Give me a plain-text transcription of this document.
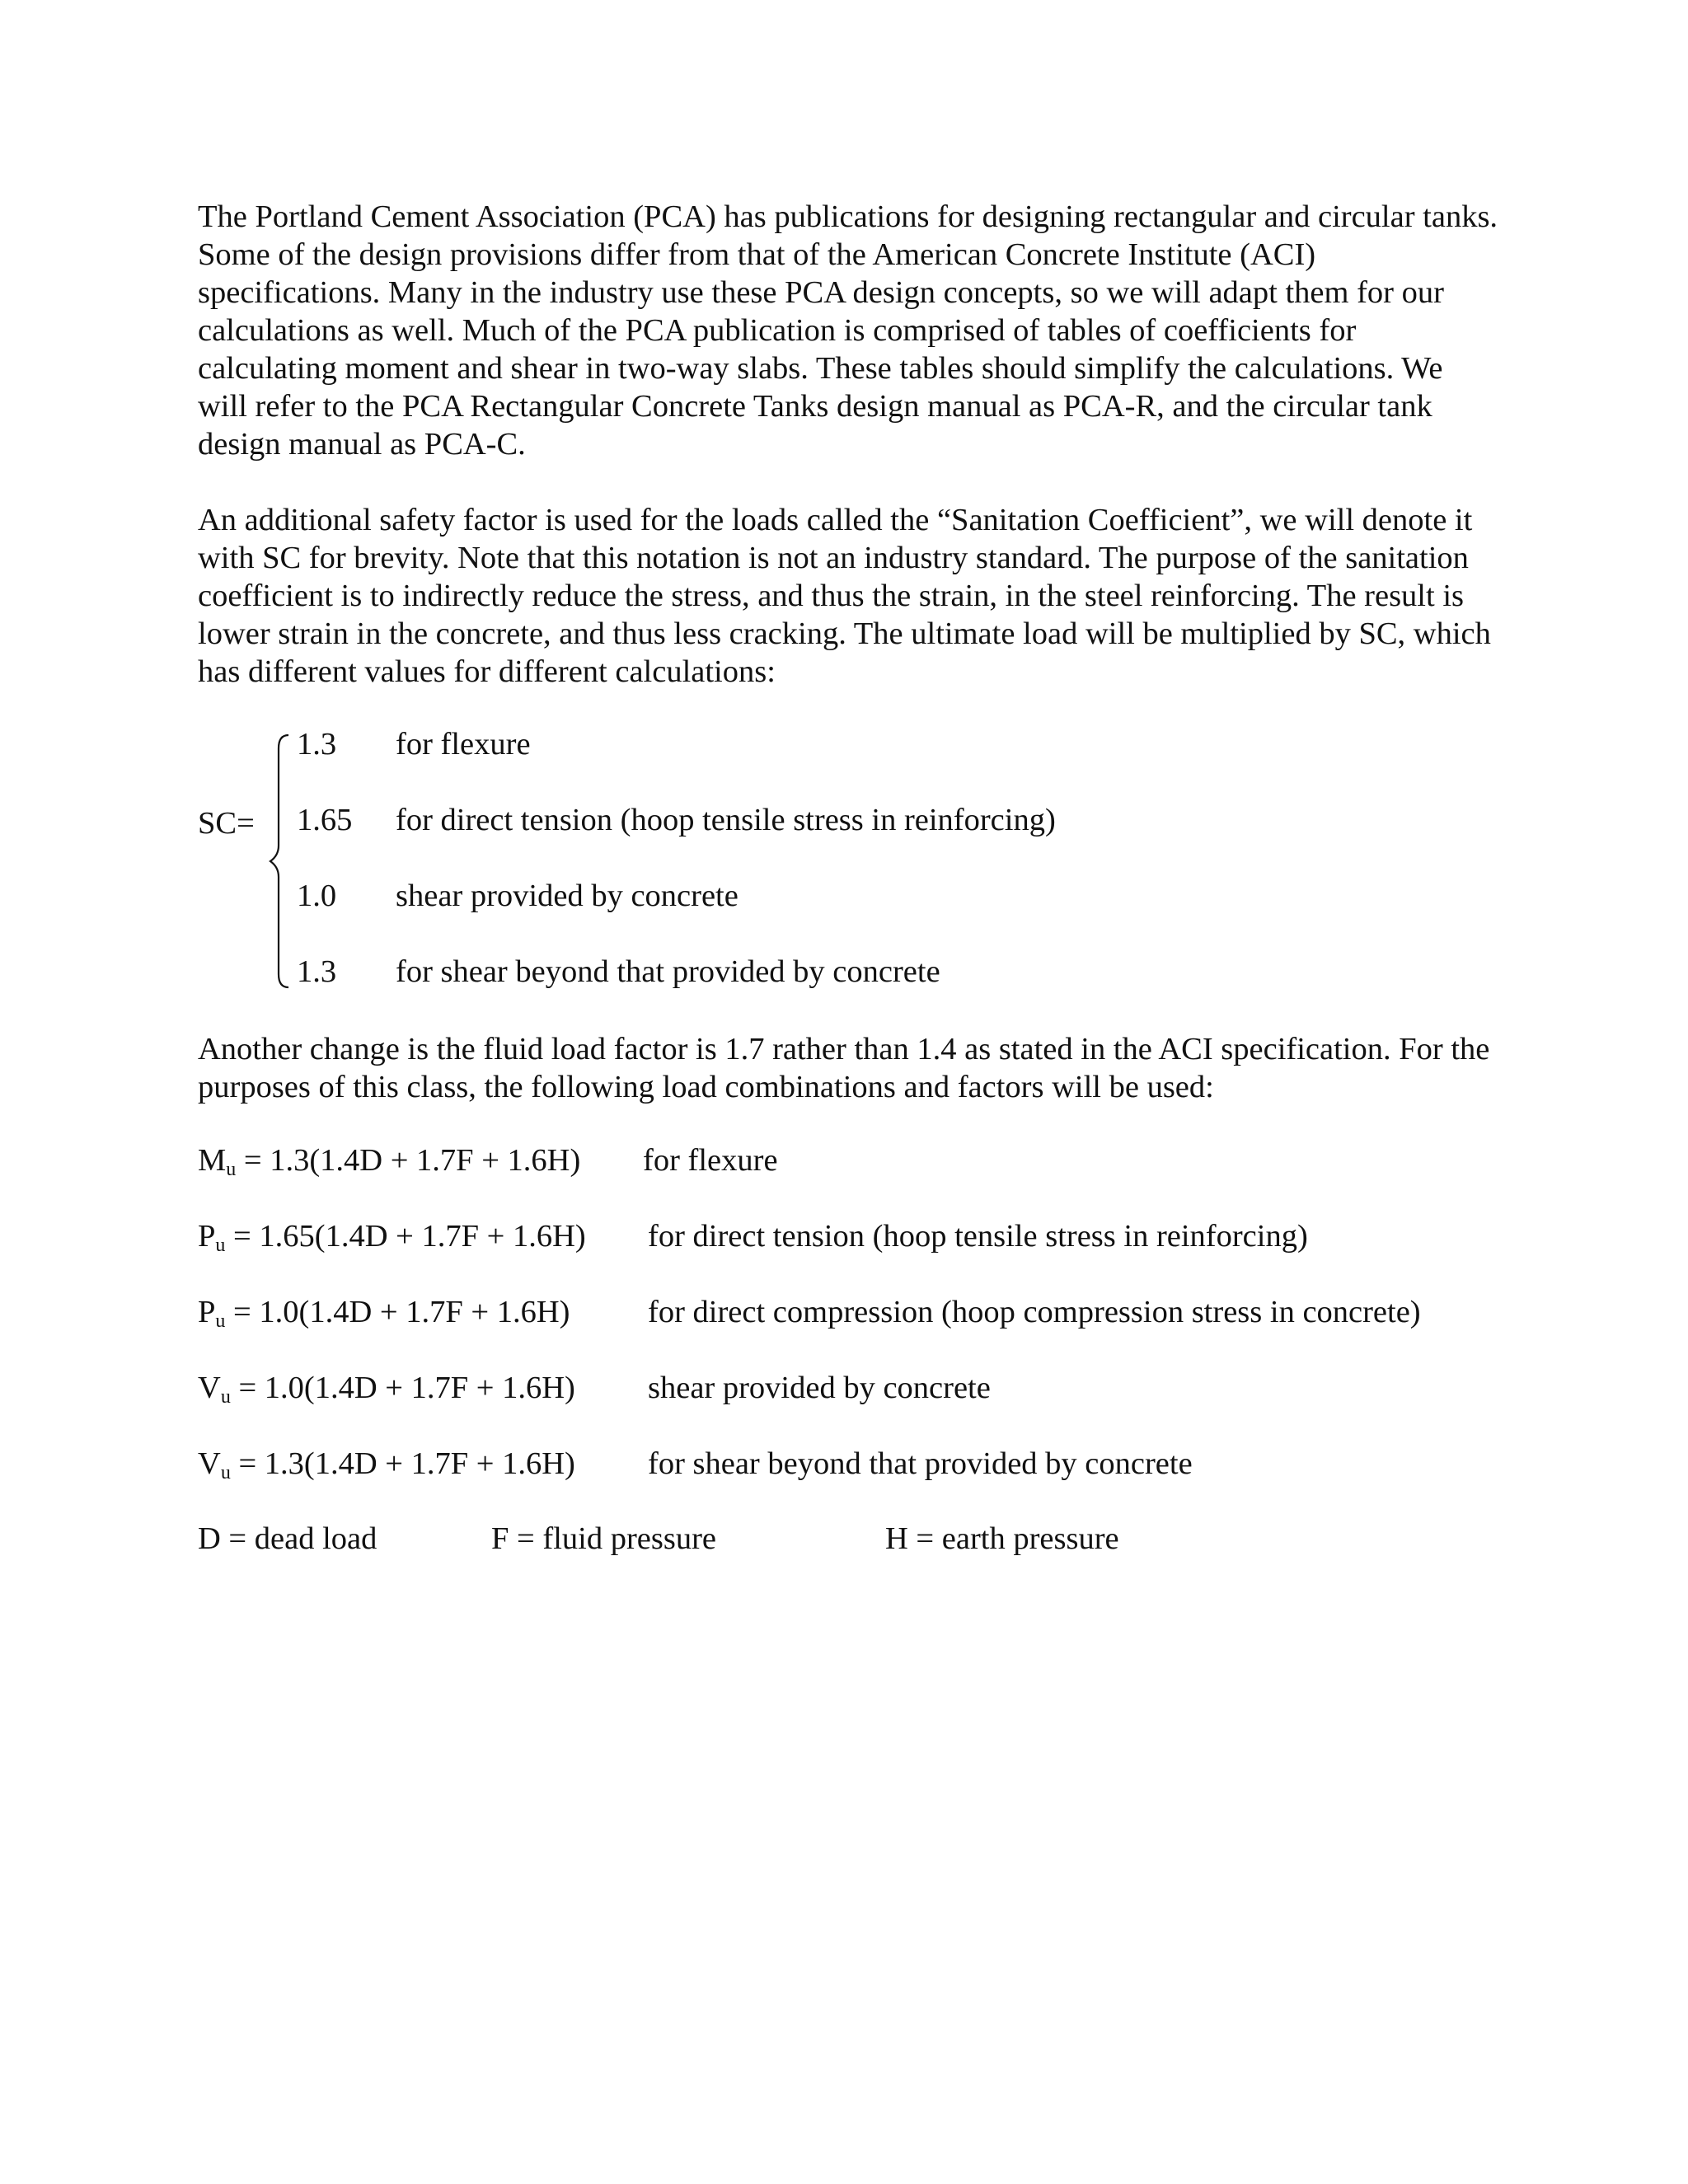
The Portland Cement Association (PCA) has publications for designing rectangular and circular tanks. Some of the design provisions differ from that of the American Concrete Institute (ACI) specifications. Many in the industry use these PCA design concepts, so we will adapt them for our calculations as well. Much of the PCA publication is comprised of tables of coefficients for calculating moment and shear in two-way slabs. These tables should simplify the calculations. We will refer to the PCA Rectangular Concrete Tanks design manual as PCA-R, and the circular tank design manual as PCA-C.

An additional safety factor is used for the loads called the “Sanitation Coefficient”, we will denote it with SC for brevity. Note that this notation is not an industry standard. The purpose of the sanitation coefficient is to indirectly reduce the stress, and thus the strain, in the steel reinforcing. The result is lower strain in the concrete, and thus less cracking. The ultimate load will be multiplied by SC, which has different values for different calculations:

SC=
1.3 for flexure
1.65 for direct tension (hoop tensile stress in reinforcing)
1.0 shear provided by concrete
1.3 for shear beyond that provided by concrete

Another change is the fluid load factor is 1.7 rather than 1.4 as stated in the ACI specification. For the purposes of this class, the following load combinations and factors will be used:

$M_u = 1.3(1.4D + 1.7F + 1.6H)$ for flexure
$P_u = 1.65(1.4D + 1.7F + 1.6H)$ for direct tension (hoop tensile stress in reinforcing)
$P_u = 1.0(1.4D + 1.7F + 1.6H)$ for direct compression (hoop compression stress in concrete)
$V_u = 1.0(1.4D + 1.7F + 1.6H)$ shear provided by concrete
$V_u = 1.3(1.4D + 1.7F + 1.6H)$ for shear beyond that provided by concrete
D = dead load	F = fluid pressure	H = earth pressure
